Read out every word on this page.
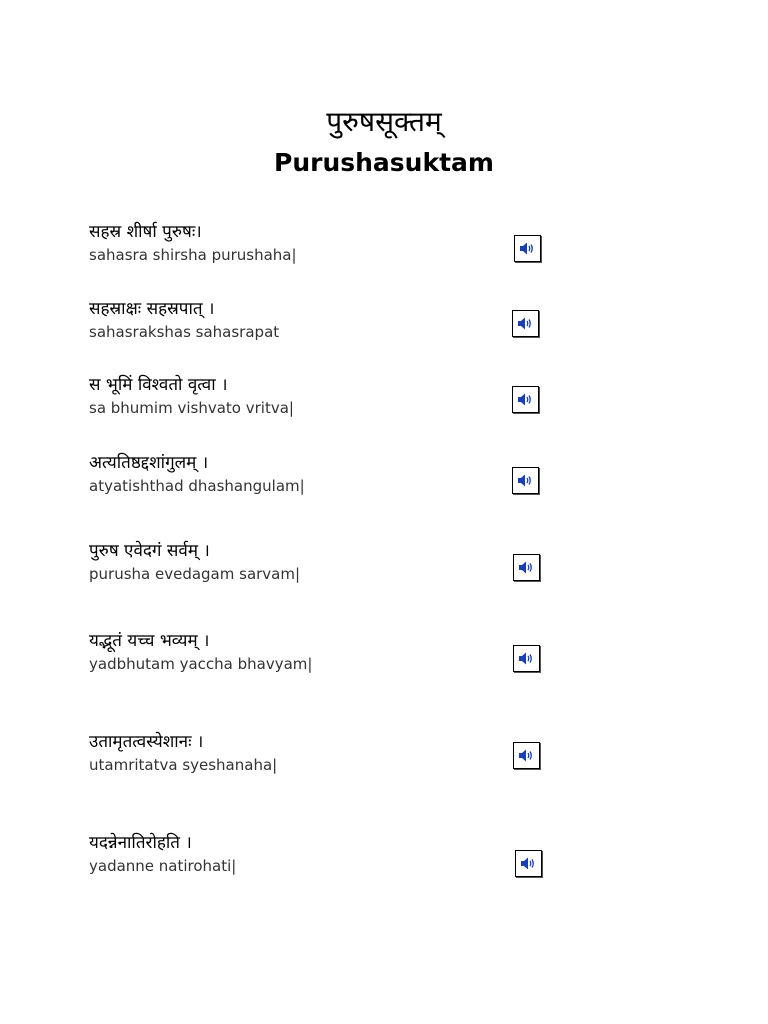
पुरुषसूक्तम्
Purushasuktam
सहस्र शीर्षा पुरुषः।
sahasra shirsha purushaha|
सहस्राक्षः सहस्रपात् ।
sahasrakshas sahasrapat
स भूमिं विश्वतो वृत्वा ।
sa bhumim vishvato vritva|
अत्यतिष्ठद्दशांगुलम् ।
atyatishthad dhashangulam|
पुरुष एवेदगं सर्वम् ।
purusha evedagam sarvam|
यद्भूतं यच्च भव्यम् ।
yadbhutam yaccha bhavyam|
उतामृतत्वस्येशानः ।
utamritatva syeshanaha|
यदन्नेनातिरोहति ।
yadanne natirohati|
